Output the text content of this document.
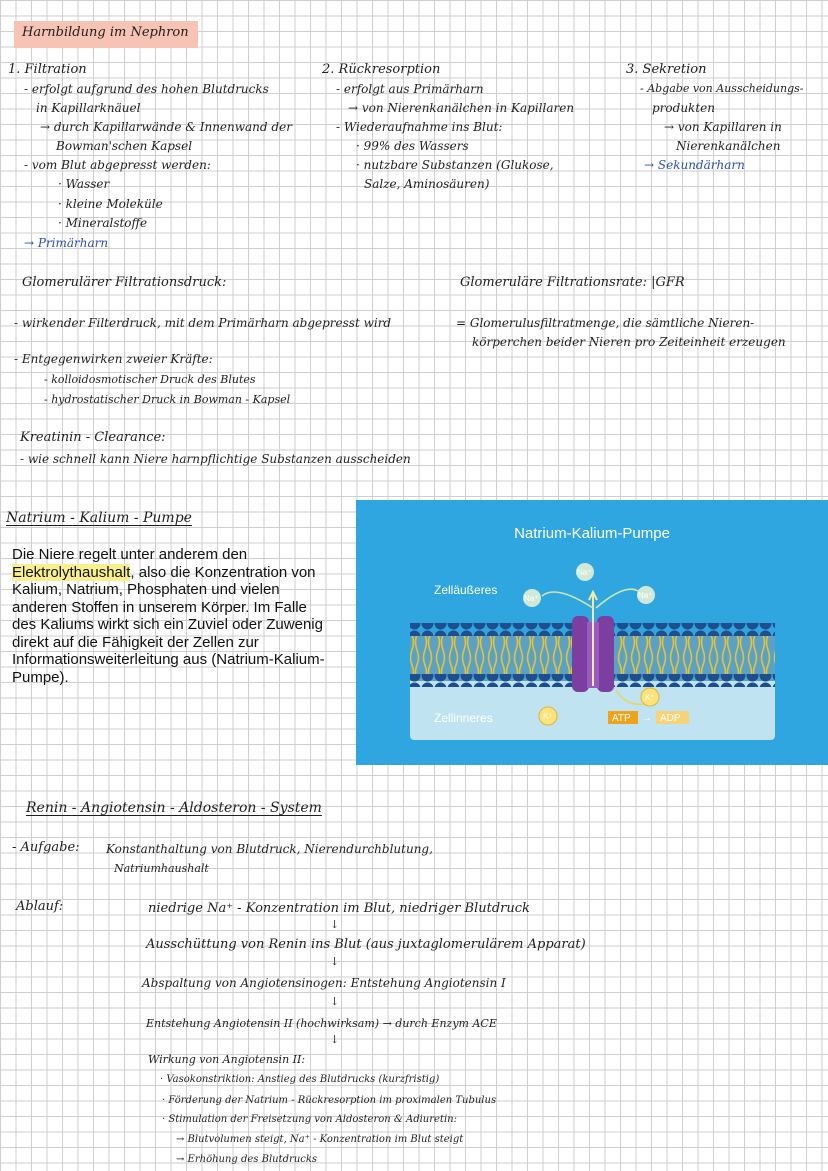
Harnbildung im Nephron
1. Filtration
- erfolgt aufgrund des hohen Blutdrucks
in Kapillarknäuel
→ durch Kapillarwände & Innenwand der
Bowman'schen Kapsel
- vom Blut abgepresst werden:
· Wasser
· kleine Moleküle
· Mineralstoffe
→ Primärharn
2. Rückresorption
- erfolgt aus Primärharn
→ von Nierenkanälchen in Kapillaren
- Wiederaufnahme ins Blut:
· 99% des Wassers
· nutzbare Substanzen (Glukose,
Salze, Aminosäuren)
3. Sekretion
- Abgabe von Ausscheidungs-
produkten
→ von Kapillaren in
Nierenkanälchen
→ Sekundärharn
Glomerulärer Filtrationsdruck:
- wirkender Filterdruck, mit dem Primärharn abgepresst wird
- Entgegenwirken zweier Kräfte:
- kolloidosmotischer Druck des Blutes
- hydrostatischer Druck in Bowman - Kapsel
Glomeruläre Filtrationsrate: |GFR
= Glomerulusfiltratmenge, die sämtliche Nieren-
körperchen beider Nieren pro Zeiteinheit erzeugen
Kreatinin - Clearance:
- wie schnell kann Niere harnpflichtige Substanzen ausscheiden
Natrium - Kalium - Pumpe
Die Niere regelt unter anderem den Elektrolythaushalt, also die Konzentration von Kalium, Natrium, Phosphaten und vielen anderen Stoffen in unserem Körper. Im Falle des Kaliums wirkt sich ein Zuviel oder Zuwenig direkt auf die Fähigkeit der Zellen zur Informationsweiterleitung aus (Natrium-Kalium-Pumpe).
Na⁺
Na⁺
Na⁺
K⁺
K⁺
Natrium-Kalium-Pumpe
Zelläußeres
Zellinneres	ATP → ADP
Renin - Angiotensin - Aldosteron - System
- Aufgabe: Konstanthaltung von Blutdruck, Nierendurchblutung,
Natriumhaushalt
Ablauf:	niedrige Na⁺ - Konzentration im Blut, niedriger Blutdruck
↓
Ausschüttung von Renin ins Blut (aus juxtaglomerulärem Apparat)
↓
Abspaltung von Angiotensinogen: Entstehung Angiotensin I
↓
Entstehung Angiotensin II (hochwirksam) → durch Enzym ACE
↓
Wirkung von Angiotensin II:
· Vasokonstriktion: Anstieg des Blutdrucks (kurzfristig)
· Förderung der Natrium - Rückresorption im proximalen Tubulus
· Stimulation der Freisetzung von Aldosteron & Adiuretin:
→ Blutvolumen steigt, Na⁺ - Konzentration im Blut steigt
→ Erhöhung des Blutdrucks
